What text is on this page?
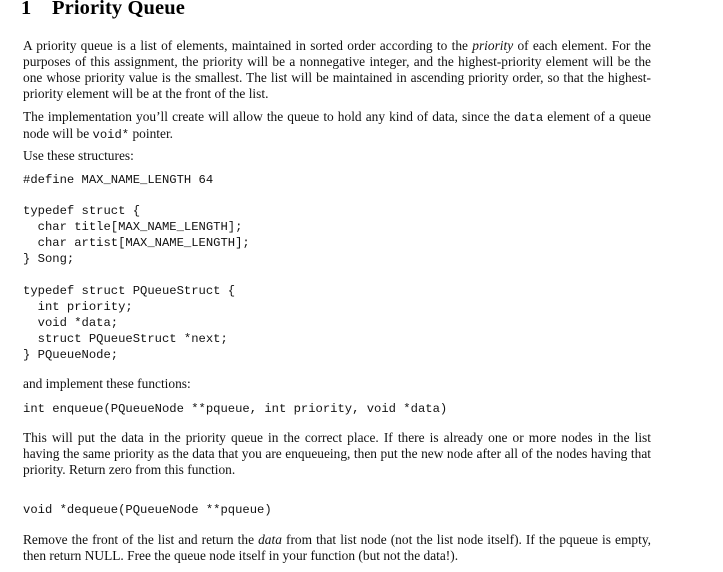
1 Priority Queue

A priority queue is a list of elements, maintained in sorted order according to the priority of each element. For the purposes of this assignment, the priority will be a nonnegative integer, and the highest-priority element will be the one whose priority value is the smallest. The list will be maintained in ascending priority order, so that the highest-priority element will be at the front of the list.

The implementation you’ll create will allow the queue to hold any kind of data, since the data element of a queue node will be void* pointer.

Use these structures:

#define MAX_NAME_LENGTH 64
typedef struct {
char title[MAX_NAME_LENGTH];
char artist[MAX_NAME_LENGTH];
} Song;
typedef struct PQueueStruct {
int priority;
void *data;
struct PQueueStruct *next;
} PQueueNode;

and implement these functions:

int enqueue(PQueueNode **pqueue, int priority, void *data)

This will put the data in the priority queue in the correct place. If there is already one or more nodes in the list having the same priority as the data that you are enqueueing, then put the new node after all of the nodes having that priority. Return zero from this function.

void *dequeue(PQueueNode **pqueue)

Remove the front of the list and return the data from that list node (not the list node itself). If the pqueue is empty, then return NULL. Free the queue node itself in your function (but not the data!).
